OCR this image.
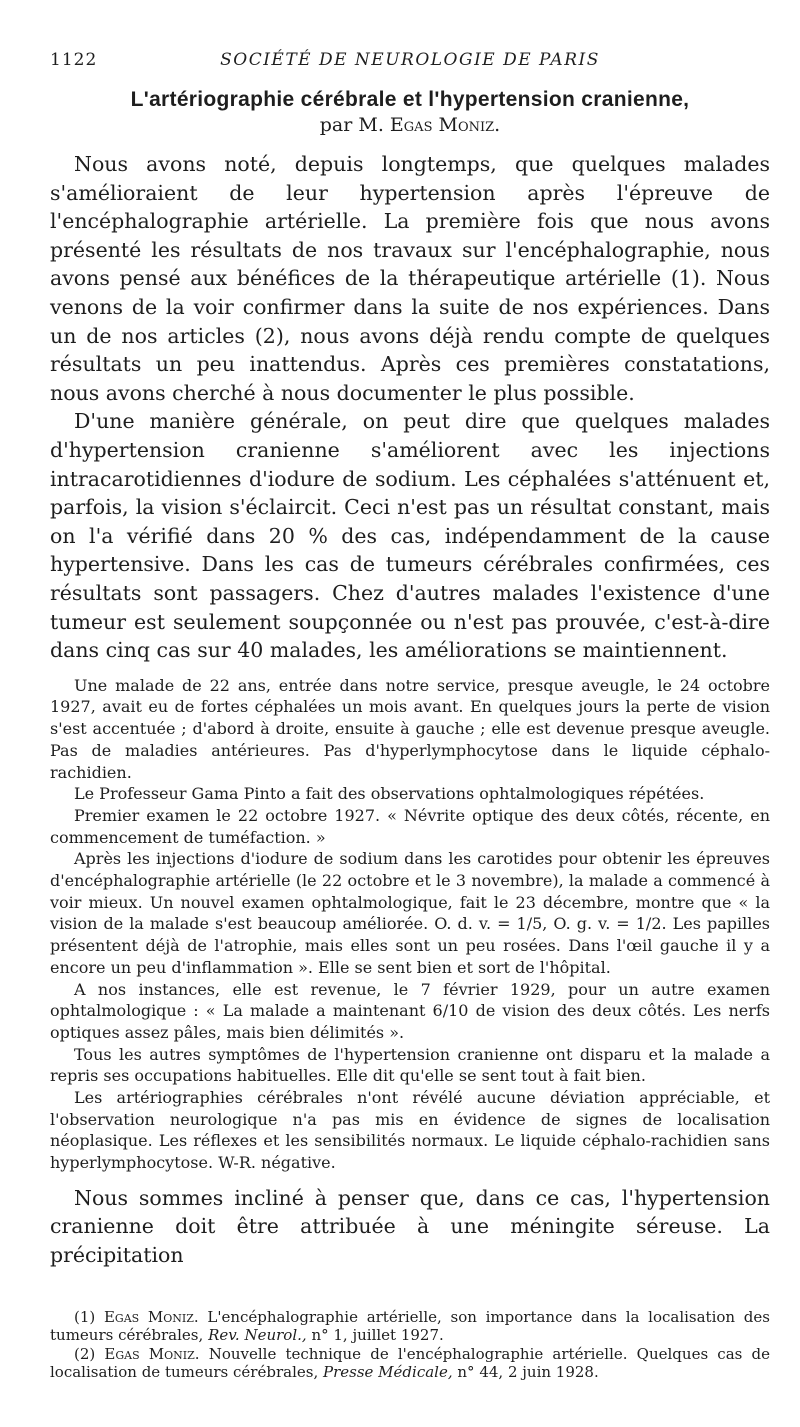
1122	SOCIÉTÉ DE NEUROLOGIE DE PARIS
L'artériographie cérébrale et l'hypertension cranienne,
par M. Egas Moniz.

Nous avons noté, depuis longtemps, que quelques malades s'amélioraient de leur hypertension après l'épreuve de l'encéphalographie artérielle. La première fois que nous avons présenté les résultats de nos travaux sur l'encéphalographie, nous avons pensé aux bénéfices de la thérapeutique artérielle (1). Nous venons de la voir confirmer dans la suite de nos expériences. Dans un de nos articles (2), nous avons déjà rendu compte de quelques résultats un peu inattendus. Après ces premières constatations, nous avons cherché à nous documenter le plus possible.

D'une manière générale, on peut dire que quelques malades d'hypertension cranienne s'améliorent avec les injections intracarotidiennes d'iodure de sodium. Les céphalées s'atténuent et, parfois, la vision s'éclaircit. Ceci n'est pas un résultat constant, mais on l'a vérifié dans 20 % des cas, indépendamment de la cause hypertensive. Dans les cas de tumeurs cérébrales confirmées, ces résultats sont passagers. Chez d'autres malades l'existence d'une tumeur est seulement soupçonnée ou n'est pas prouvée, c'est-à-dire dans cinq cas sur 40 malades, les améliorations se maintiennent.

Une malade de 22 ans, entrée dans notre service, presque aveugle, le 24 octobre 1927, avait eu de fortes céphalées un mois avant. En quelques jours la perte de vision s'est accentuée ; d'abord à droite, ensuite à gauche ; elle est devenue presque aveugle. Pas de maladies antérieures. Pas d'hyperlymphocytose dans le liquide céphalo-rachidien.

Le Professeur Gama Pinto a fait des observations ophtalmologiques répétées.

Premier examen le 22 octobre 1927. « Névrite optique des deux côtés, récente, en commencement de tuméfaction. »

Après les injections d'iodure de sodium dans les carotides pour obtenir les épreuves d'encéphalographie artérielle (le 22 octobre et le 3 novembre), la malade a commencé à voir mieux. Un nouvel examen ophtalmologique, fait le 23 décembre, montre que « la vision de la malade s'est beaucoup améliorée. O. d. v. = 1/5, O. g. v. = 1/2. Les papilles présentent déjà de l'atrophie, mais elles sont un peu rosées. Dans l'œil gauche il y a encore un peu d'inflammation ». Elle se sent bien et sort de l'hôpital.

A nos instances, elle est revenue, le 7 février 1929, pour un autre examen ophtalmologique : « La malade a maintenant 6/10 de vision des deux côtés. Les nerfs optiques assez pâles, mais bien délimités ».

Tous les autres symptômes de l'hypertension cranienne ont disparu et la malade a repris ses occupations habituelles. Elle dit qu'elle se sent tout à fait bien.

Les artériographies cérébrales n'ont révélé aucune déviation appréciable, et l'observation neurologique n'a pas mis en évidence de signes de localisation néoplasique. Les réflexes et les sensibilités normaux. Le liquide céphalo-rachidien sans hyperlymphocytose. W-R. négative.

Nous sommes incliné à penser que, dans ce cas, l'hypertension cranienne doit être attribuée à une méningite séreuse. La précipitation

(1) Egas Moniz. L'encéphalographie artérielle, son importance dans la localisation des tumeurs cérébrales, Rev. Neurol., n° 1, juillet 1927.

(2) Egas Moniz. Nouvelle technique de l'encéphalographie artérielle. Quelques cas de localisation de tumeurs cérébrales, Presse Médicale, n° 44, 2 juin 1928.
